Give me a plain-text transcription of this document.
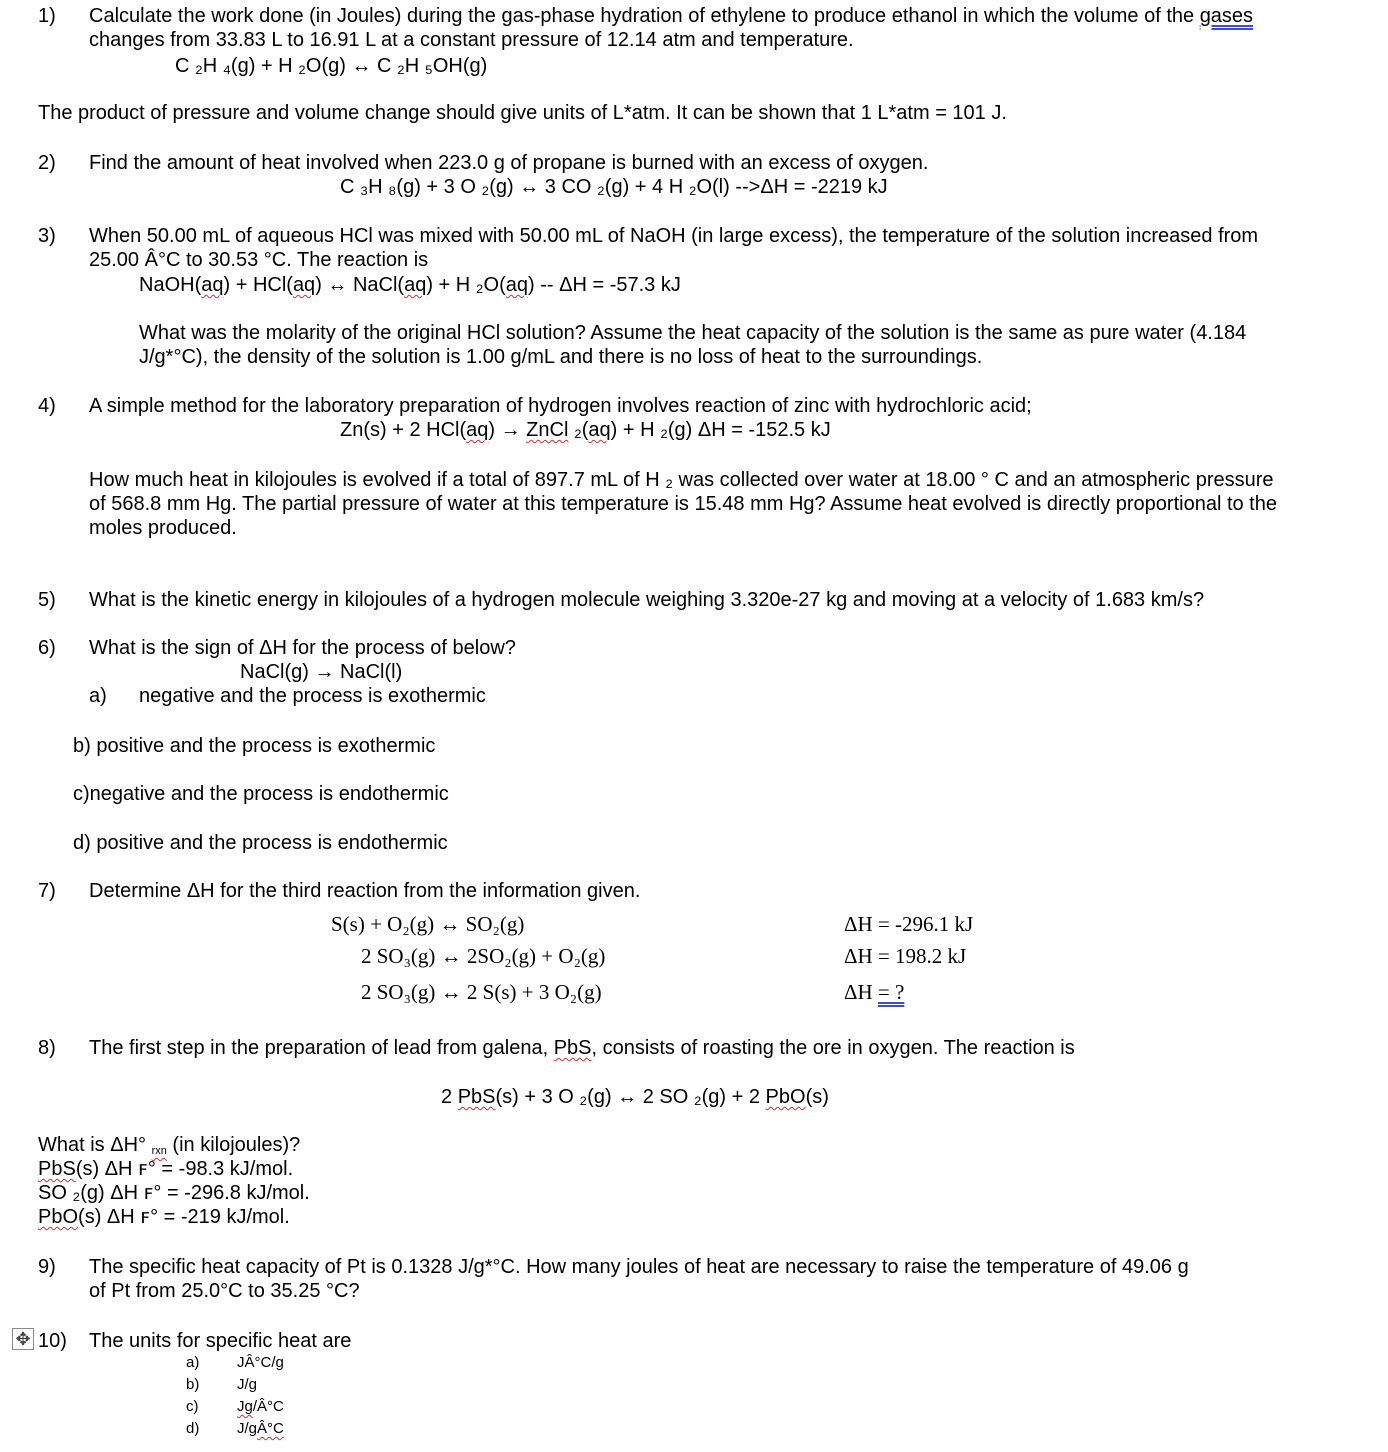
1) Calculate the work done (in Joules) during the gas-phase hydration of ethylene to produce ethanol in which the volume of the gases
changes from 33.83 L to 16.91 L at a constant pressure of 12.14 atm and temperature.
C ₂H ₄(g) + H ₂O(g) ↔ C ₂H ₅OH(g)
The product of pressure and volume change should give units of L*atm. It can be shown that 1 L*atm = 101 J.
2) Find the amount of heat involved when 223.0 g of propane is burned with an excess of oxygen.
C ₃H ₈(g) + 3 O ₂(g) ↔ 3 CO ₂(g) + 4 H ₂O(l) -->ΔH = -2219 kJ
3) When 50.00 mL of aqueous HCl was mixed with 50.00 mL of NaOH (in large excess), the temperature of the solution increased from
25.00 Â°C to 30.53 °C. The reaction is
NaOH(aq) + HCl(aq) ↔ NaCl(aq) + H ₂O(aq) -- ΔH = -57.3 kJ
What was the molarity of the original HCl solution? Assume the heat capacity of the solution is the same as pure water (4.184
J/g*°C), the density of the solution is 1.00 g/mL and there is no loss of heat to the surroundings.
4) A simple method for the laboratory preparation of hydrogen involves reaction of zinc with hydrochloric acid;
Zn(s) + 2 HCl(aq) → ZnCl ₂(aq) + H ₂(g) ΔH = -152.5 kJ
How much heat in kilojoules is evolved if a total of 897.7 mL of H ₂ was collected over water at 18.00 ° C and an atmospheric pressure
of 568.8 mm Hg. The partial pressure of water at this temperature is 15.48 mm Hg? Assume heat evolved is directly proportional to the
moles produced.
5) What is the kinetic energy in kilojoules of a hydrogen molecule weighing 3.320e-27 kg and moving at a velocity of 1.683 km/s?
6) What is the sign of ΔH for the process of below?
NaCl(g) → NaCl(l)
a) negative and the process is exothermic
b) positive and the process is exothermic
c)negative and the process is endothermic
d) positive and the process is endothermic
7) Determine ΔH for the third reaction from the information given.
S(s) + O₂(g) ↔ SO₂(g)	ΔH = -296.1 kJ
2 SO₃(g) ↔ 2SO₂(g) + O₂(g)	ΔH = 198.2 kJ
2 SO₃(g) ↔ 2 S(s) + 3 O₂(g)	ΔH = ?
8) The first step in the preparation of lead from galena, PbS, consists of roasting the ore in oxygen. The reaction is
2 PbS(s) + 3 O ₂(g) ↔ 2 SO ₂(g) + 2 PbO(s)
What is ΔH° rxn (in kilojoules)?
PbS(s) ΔH ꜰ° = -98.3 kJ/mol.
SO ₂(g) ΔH ꜰ° = -296.8 kJ/mol.
PbO(s) ΔH ꜰ° = -219 kJ/mol.
9) The specific heat capacity of Pt is 0.1328 J/g*°C. How many joules of heat are necessary to raise the temperature of 49.06 g
of Pt from 25.0°C to 35.25 °C?
✥ 10) The units for specific heat are
a)	JÂ°C/g
b)	J/g
c)	Jg/Â°C
d)	J/gÂ°C
